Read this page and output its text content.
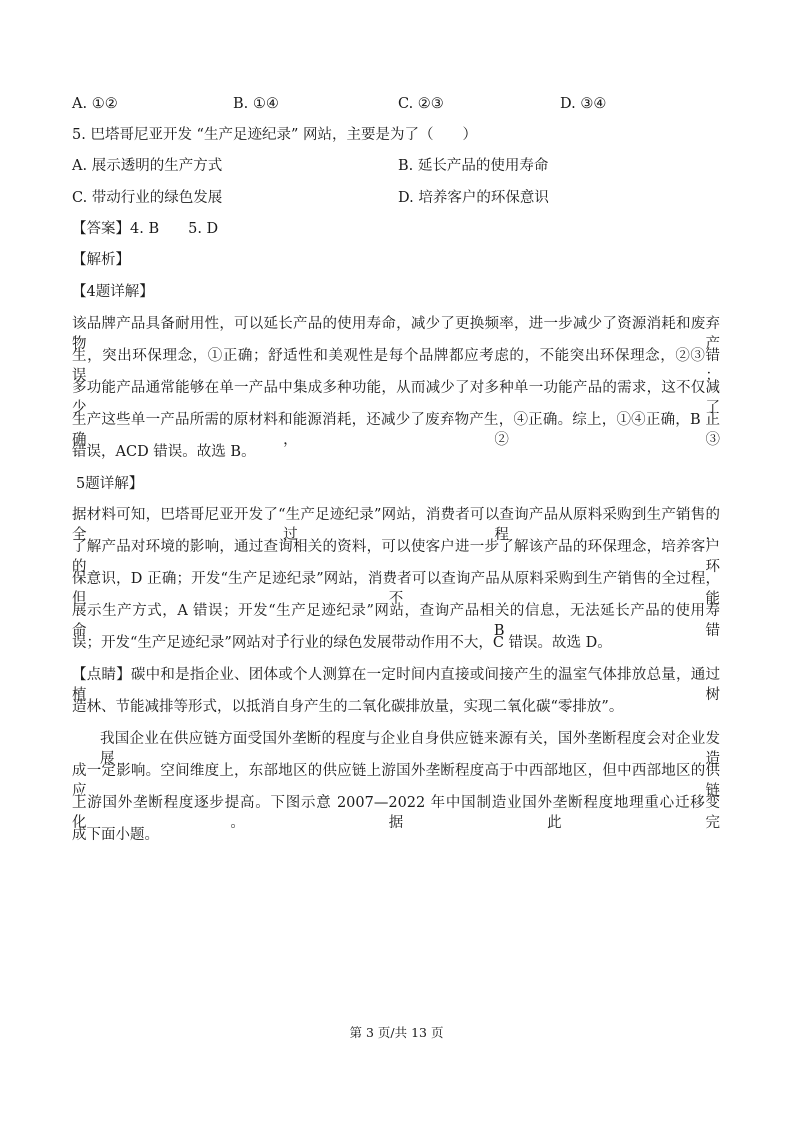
A. ①②	B. ①④	C. ②③	D. ③④
5. 巴塔哥尼亚开发 “生产足迹纪录” 网站，主要是为了（　　）
A. 展示透明的生产方式	B. 延长产品的使用寿命
C. 带动行业的绿色发展	D. 培养客户的环保意识
【答案】4. B　　5. D
【解析】
【4题详解】
该品牌产品具备耐用性，可以延长产品的使用寿命，减少了更换频率，进一步减少了资源消耗和废弃物产
生，突出环保理念，①正确；舒适性和美观性是每个品牌都应考虑的，不能突出环保理念，②③错误；
多功能产品通常能够在单一产品中集成多种功能，从而减少了对多种单一功能产品的需求，这不仅减少了
生产这些单一产品所需的原材料和能源消耗，还减少了废弃物产生，④正确。综上，①④正确，B 正确，②③
错误，ACD 错误。故选 B。
5题详解】
据材料可知，巴塔哥尼亚开发了“生产足迹纪录”网站，消费者可以查询产品从原料采购到生产销售的全过程，
了解产品对环境的影响，通过查询相关的资料，可以使客户进一步了解该产品的环保理念，培养客户的环
保意识，D 正确；开发“生产足迹纪录”网站，消费者可以查询产品从原料采购到生产销售的全过程，但不能
展示生产方式，A 错误；开发“生产足迹纪录”网站，查询产品相关的信息，无法延长产品的使用寿命，B 错
误；开发“生产足迹纪录”网站对于行业的绿色发展带动作用不大，C 错误。故选 D。
【点睛】碳中和是指企业、团体或个人测算在一定时间内直接或间接产生的温室气体排放总量，通过植树
造林、节能减排等形式，以抵消自身产生的二氧化碳排放量，实现二氧化碳“零排放”。
我国企业在供应链方面受国外垄断的程度与企业自身供应链来源有关，国外垄断程度会对企业发展造
成一定影响。空间维度上，东部地区的供应链上游国外垄断程度高于中西部地区，但中西部地区的供应链
上游国外垄断程度逐步提高。下图示意 2007—2022 年中国制造业国外垄断程度地理重心迁移变化。据此完
成下面小题。
第 3 页/共 13 页
